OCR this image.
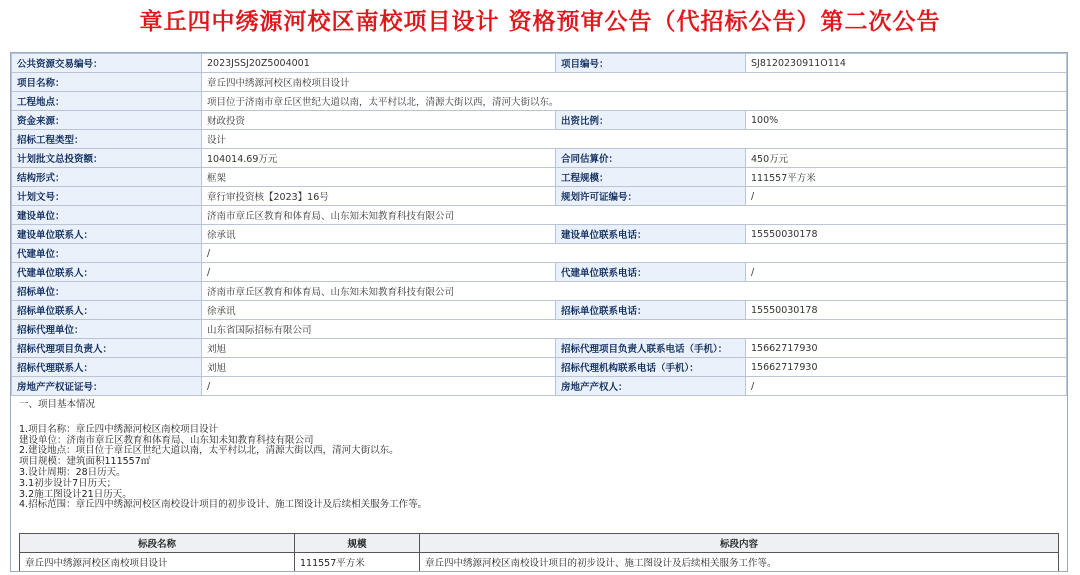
章丘四中绣源河校区南校项目设计 资格预审公告（代招标公告）第二次公告
公共资源交易编号：	2023JSSJ20Z5004001	项目编号：	SJ8120230911O114
项目名称：	章丘四中绣源河校区南校项目设计		
工程地点：	项目位于济南市章丘区世纪大道以南，太平村以北，清源大街以西，清河大街以东。		
资金来源：	财政投资	出资比例：	100%
招标工程类型：	设计		
计划批文总投资额：	104014.69万元	合同估算价：	450万元
结构形式：	框架	工程规模：	111557平方米
计划文号：	章行审投资核【2023】16号	规划许可证编号：	/
建设单位：	济南市章丘区教育和体育局、山东知未知教育科技有限公司		
建设单位联系人：	徐承讯	建设单位联系电话：	15550030178
代建单位：	/		
代建单位联系人：	/	代建单位联系电话：	/
招标单位：	济南市章丘区教育和体育局、山东知未知教育科技有限公司		
招标单位联系人：	徐承讯	招标单位联系电话：	15550030178
招标代理单位：	山东省国际招标有限公司		
招标代理项目负责人：	刘旭	招标代理项目负责人联系电话（手机）：	15662717930
招标代理联系人：	刘旭	招标代理机构联系电话（手机）：	15662717930
房地产产权证证号：	/	房地产产权人：	/
一、项目基本情况
1.项目名称：章丘四中绣源河校区南校项目设计
建设单位：济南市章丘区教育和体育局、山东知未知教育科技有限公司
2.建设地点：项目位于章丘区世纪大道以南，太平村以北，清源大街以西，清河大街以东。
项目规模：建筑面积111557㎡
3.设计周期：28日历天。
3.1初步设计7日历天；
3.2施工图设计21日历天。
4.招标范围：章丘四中绣源河校区南校设计项目的初步设计、施工图设计及后续相关服务工作等。
标段名称	规模	标段内容
章丘四中绣源河校区南校项目设计	111557平方米	章丘四中绣源河校区南校设计项目的初步设计、施工图设计及后续相关服务工作等。
